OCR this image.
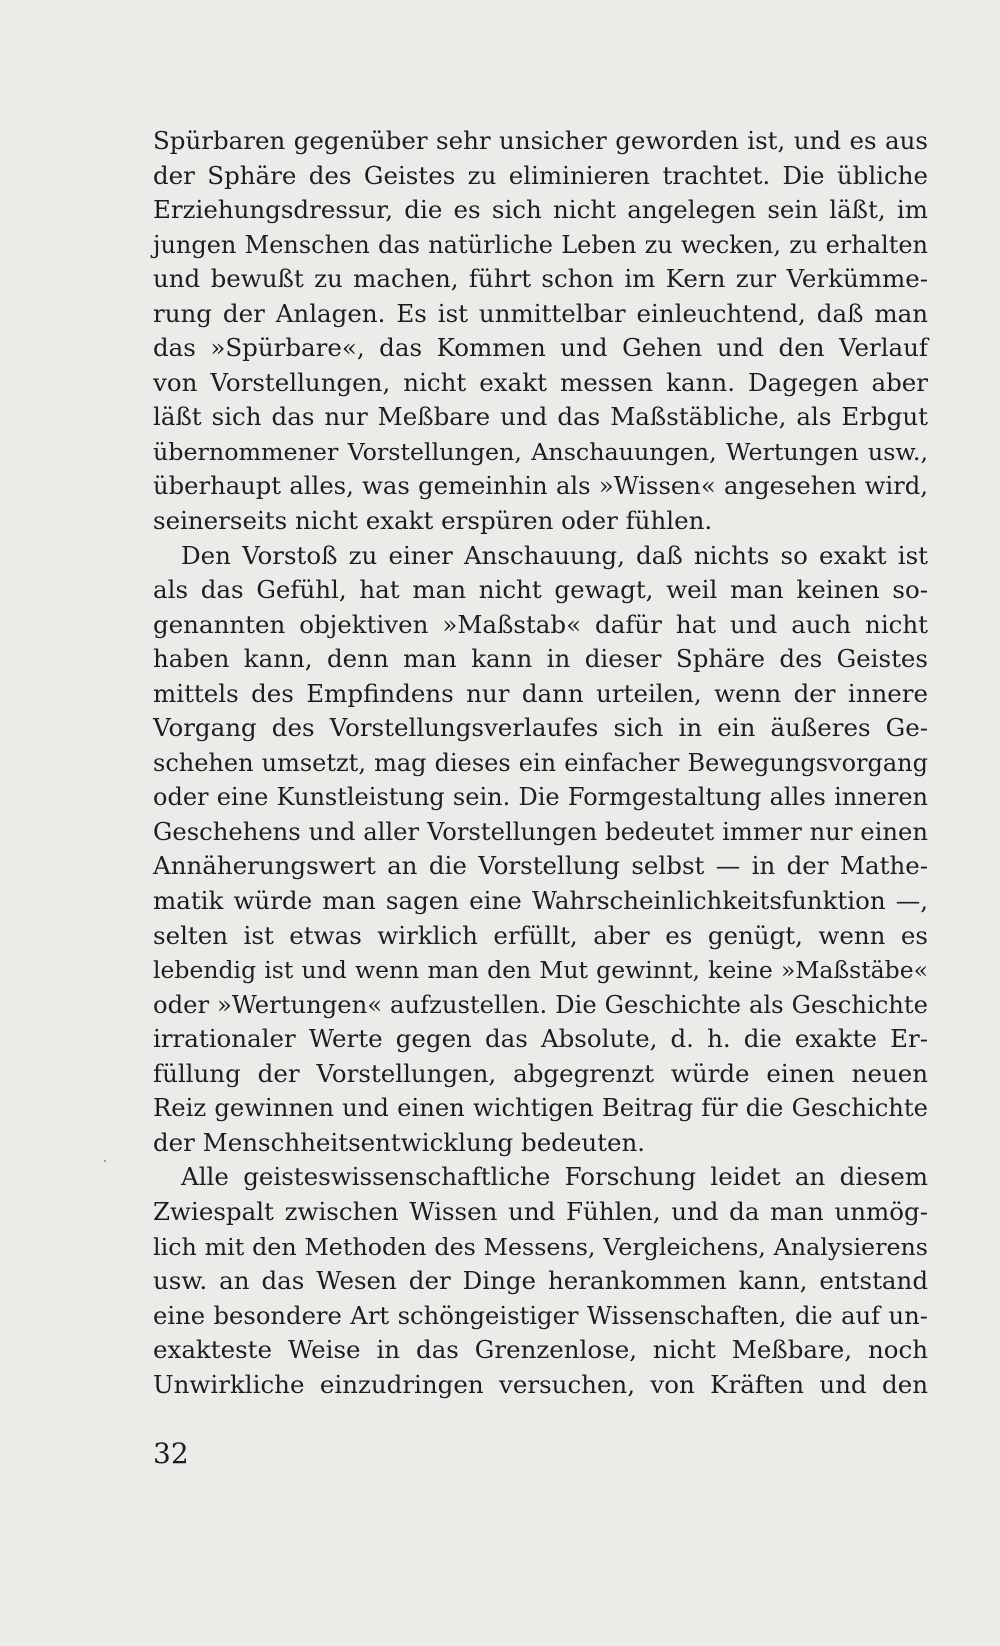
Spürbaren gegenüber sehr unsicher geworden ist, und es aus
der Sphäre des Geistes zu eliminieren trachtet. Die übliche
Erziehungsdressur, die es sich nicht angelegen sein läßt, im
jungen Menschen das natürliche Leben zu wecken, zu erhalten
und bewußt zu machen, führt schon im Kern zur Verkümme-
rung der Anlagen. Es ist unmittelbar einleuchtend, daß man
das »Spürbare«, das Kommen und Gehen und den Verlauf
von Vorstellungen, nicht exakt messen kann. Dagegen aber
läßt sich das nur Meßbare und das Maßstäbliche, als Erbgut
übernommener Vorstellungen, Anschauungen, Wertungen usw.,
überhaupt alles, was gemeinhin als »Wissen« angesehen wird,
seinerseits nicht exakt erspüren oder fühlen.
Den Vorstoß zu einer Anschauung, daß nichts so exakt ist
als das Gefühl, hat man nicht gewagt, weil man keinen so-
genannten objektiven »Maßstab« dafür hat und auch nicht
haben kann, denn man kann in dieser Sphäre des Geistes
mittels des Empfindens nur dann urteilen, wenn der innere
Vorgang des Vorstellungsverlaufes sich in ein äußeres Ge-
schehen umsetzt, mag dieses ein einfacher Bewegungsvorgang
oder eine Kunstleistung sein. Die Formgestaltung alles inneren
Geschehens und aller Vorstellungen bedeutet immer nur einen
Annäherungswert an die Vorstellung selbst — in der Mathe-
matik würde man sagen eine Wahrscheinlichkeitsfunktion —,
selten ist etwas wirklich erfüllt, aber es genügt, wenn es
lebendig ist und wenn man den Mut gewinnt, keine »Maßstäbe«
oder »Wertungen« aufzustellen. Die Geschichte als Geschichte
irrationaler Werte gegen das Absolute, d. h. die exakte Er-
füllung der Vorstellungen, abgegrenzt würde einen neuen
Reiz gewinnen und einen wichtigen Beitrag für die Geschichte
der Menschheitsentwicklung bedeuten.
Alle geisteswissenschaftliche Forschung leidet an diesem
Zwiespalt zwischen Wissen und Fühlen, und da man unmög-
lich mit den Methoden des Messens, Vergleichens, Analysierens
usw. an das Wesen der Dinge herankommen kann, entstand
eine besondere Art schöngeistiger Wissenschaften, die auf un-
exakteste Weise in das Grenzenlose, nicht Meßbare, noch
Unwirkliche einzudringen versuchen, von Kräften und den
32
